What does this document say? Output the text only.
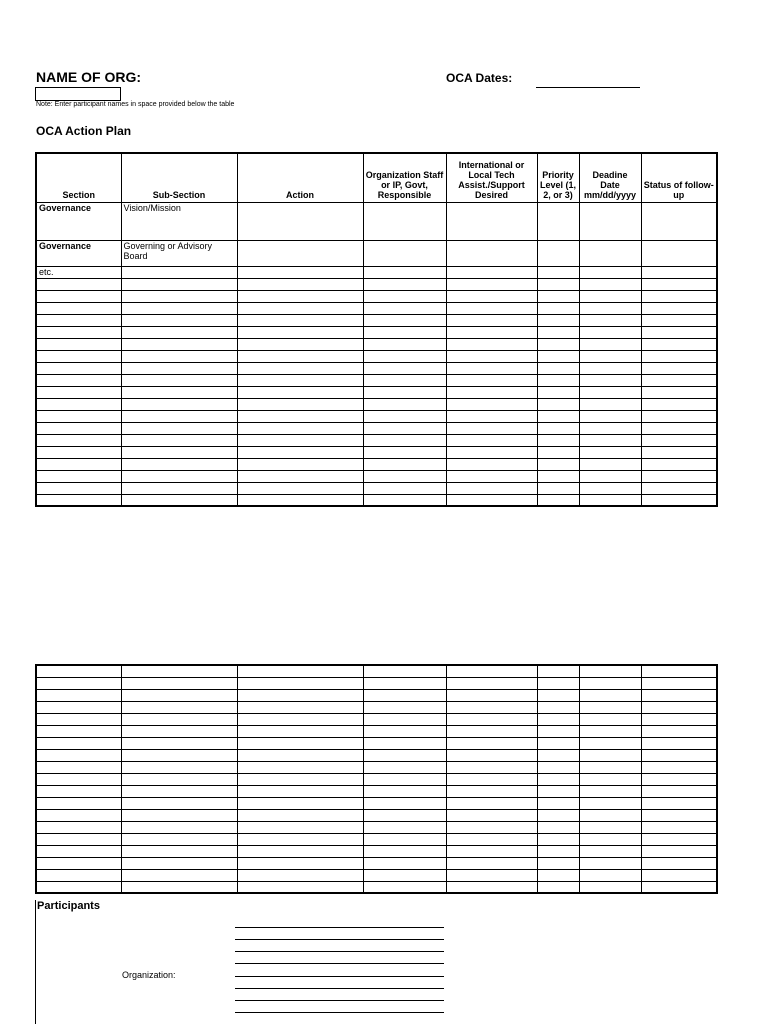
NAME OF ORG:
Note: Enter participant names in space provided below the table
OCA Dates:
OCA Action Plan
Section	Sub-Section	Action	Organization Staff or IP, Govt, Responsible	International or Local Tech Assist./Support Desired	Priority Level (1, 2, or 3)	Deadine Date mm/dd/yyyy	Status of follow-up
Governance	Vision/Mission						
Governance	Governing or Advisory Board						
etc.							

Participants
Organization:
